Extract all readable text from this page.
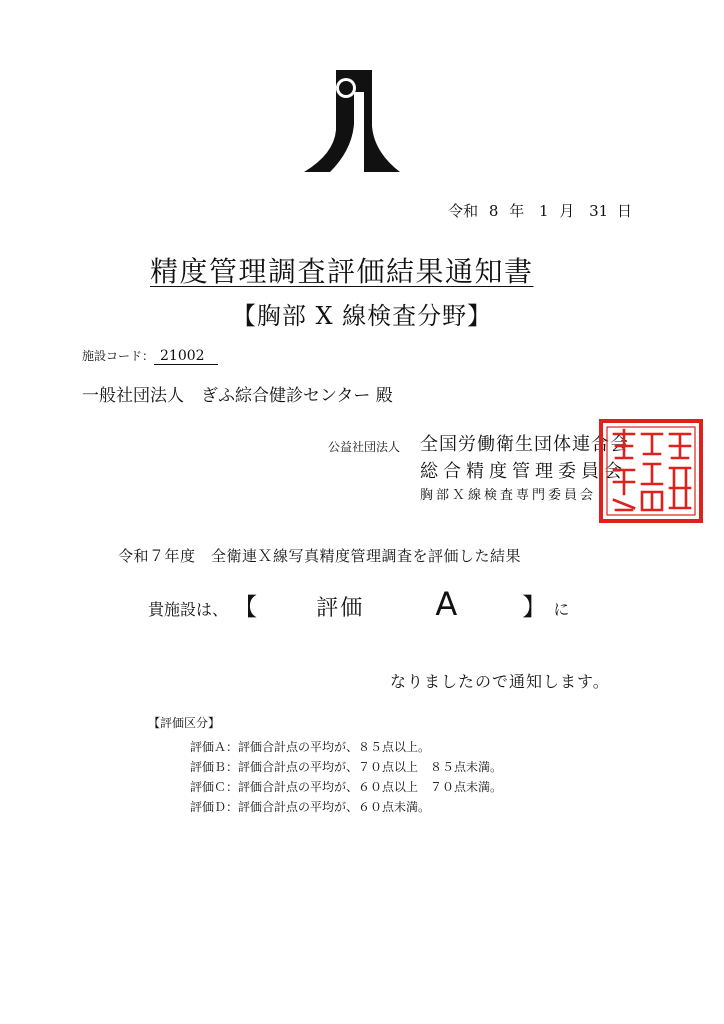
令和 8 年 1 月 31 日
精度管理調査評価結果通知書
【胸部 X 線検査分野】
施設コード： 21002
一般社団法人　ぎふ綜合健診センター 殿
公益社団法人 全国労働衛生団体連合会
総合精度管理委員会
胸部Ｘ線検査専門委員会
令和７年度　全衛連Ｘ線写真精度管理調査を評価した結果
貴施設は、 【	評価 A	】 に
なりましたので通知します。
【評価区分】
評価Ａ：評価合計点の平均が、８５点以上。
評価Ｂ：評価合計点の平均が、７０点以上　８５点未満。
評価Ｃ：評価合計点の平均が、６０点以上　７０点未満。
評価Ｄ：評価合計点の平均が、６０点未満。
